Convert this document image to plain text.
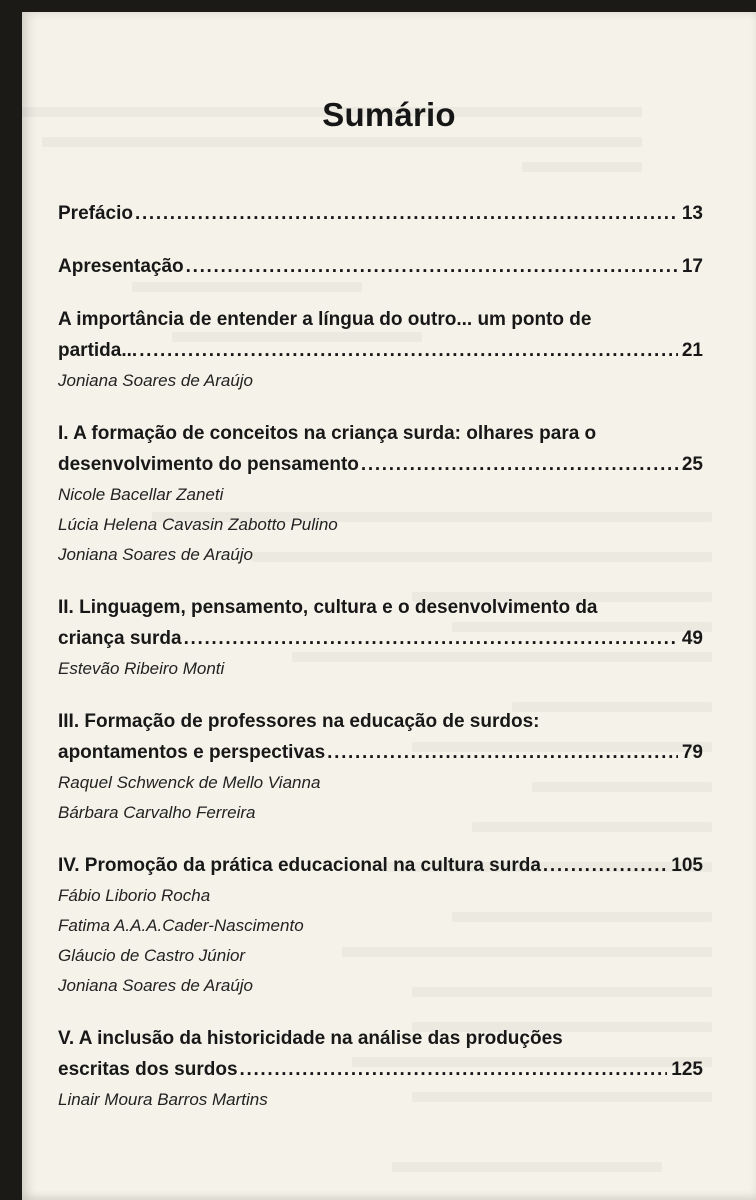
Sumário
Prefácio . . .	13
Apresentação . . .	17
A importância de entender a língua do outro... um ponto de
partida... . . .	21
Joniana Soares de Araújo
I. A formação de conceitos na criança surda: olhares para o
desenvolvimento do pensamento . . .	25
Nicole Bacellar Zaneti
Lúcia Helena Cavasin Zabotto Pulino
Joniana Soares de Araújo
II. Linguagem, pensamento, cultura e o desenvolvimento da
criança surda . . .	49
Estevão Ribeiro Monti
III. Formação de professores na educação de surdos:
apontamentos e perspectivas . . .	79
Raquel Schwenck de Mello Vianna
Bárbara Carvalho Ferreira
IV. Promoção da prática educacional na cultura surda . . .	105
Fábio Liborio Rocha
Fatima A.A.A.Cader-Nascimento
Gláucio de Castro Júnior
Joniana Soares de Araújo
V. A inclusão da historicidade na análise das produções
escritas dos surdos . . .	125
Linair Moura Barros Martins
